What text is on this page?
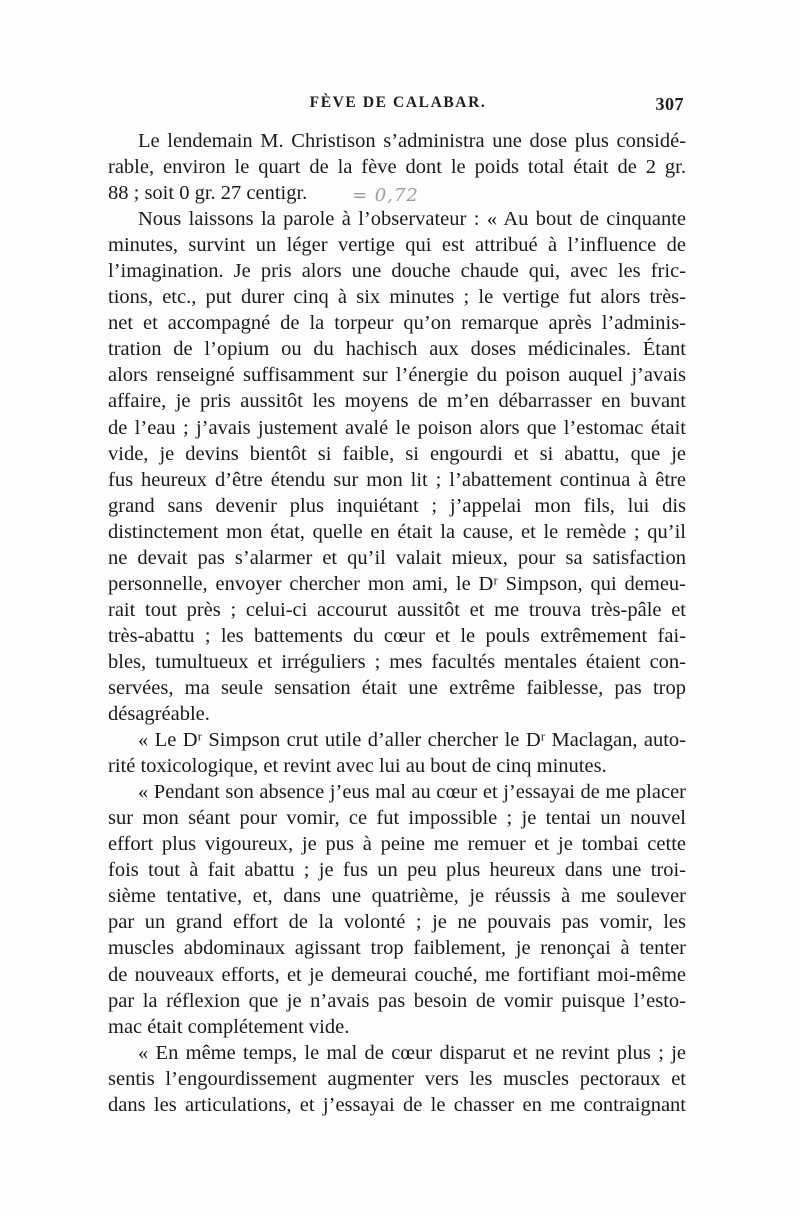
FÈVE DE CALABAR.	307
= 0,72
Le lendemain M. Christison s’administra une dose plus considé-
rable, environ le quart de la fève dont le poids total était de 2 gr.
88 ; soit 0 gr. 27 centigr.
Nous laissons la parole à l’observateur : « Au bout de cinquante
minutes, survint un léger vertige qui est attribué à l’influence de
l’imagination. Je pris alors une douche chaude qui, avec les fric-
tions, etc., put durer cinq à six minutes ; le vertige fut alors très-
net et accompagné de la torpeur qu’on remarque après l’adminis-
tration de l’opium ou du hachisch aux doses médicinales. Étant
alors renseigné suffisamment sur l’énergie du poison auquel j’avais
affaire, je pris aussitôt les moyens de m’en débarrasser en buvant
de l’eau ; j’avais justement avalé le poison alors que l’estomac était
vide, je devins bientôt si faible, si engourdi et si abattu, que je
fus heureux d’être étendu sur mon lit ; l’abattement continua à être
grand sans devenir plus inquiétant ; j’appelai mon fils, lui dis
distinctement mon état, quelle en était la cause, et le remède ; qu’il
ne devait pas s’alarmer et qu’il valait mieux, pour sa satisfaction
personnelle, envoyer chercher mon ami, le Dʳ Simpson, qui demeu-
rait tout près ; celui-ci accourut aussitôt et me trouva très-pâle et
très-abattu ; les battements du cœur et le pouls extrêmement fai-
bles, tumultueux et irréguliers ; mes facultés mentales étaient con-
servées, ma seule sensation était une extrême faiblesse, pas trop
désagréable.
« Le Dʳ Simpson crut utile d’aller chercher le Dʳ Maclagan, auto-
rité toxicologique, et revint avec lui au bout de cinq minutes.
« Pendant son absence j’eus mal au cœur et j’essayai de me placer
sur mon séant pour vomir, ce fut impossible ; je tentai un nouvel
effort plus vigoureux, je pus à peine me remuer et je tombai cette
fois tout à fait abattu ; je fus un peu plus heureux dans une troi-
sième tentative, et, dans une quatrième, je réussis à me soulever
par un grand effort de la volonté ; je ne pouvais pas vomir, les
muscles abdominaux agissant trop faiblement, je renonçai à tenter
de nouveaux efforts, et je demeurai couché, me fortifiant moi-même
par la réflexion que je n’avais pas besoin de vomir puisque l’esto-
mac était complétement vide.
« En même temps, le mal de cœur disparut et ne revint plus ; je
sentis l’engourdissement augmenter vers les muscles pectoraux et
dans les articulations, et j’essayai de le chasser en me contraignant
